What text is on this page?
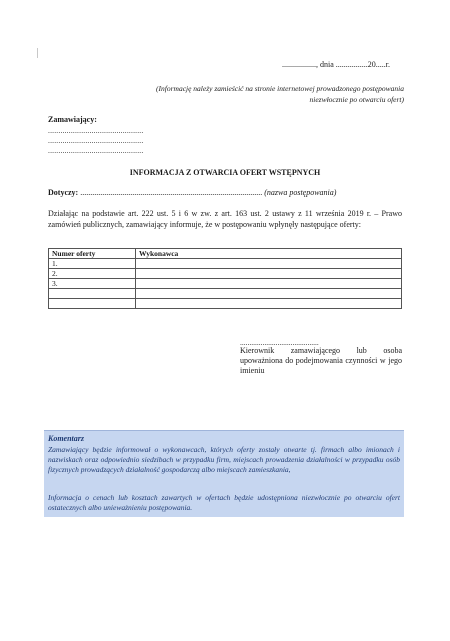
................., dnia ................20.....r.
(Informację należy zamieścić na stronie internetowej prowadzonego postępowania
niezwłocznie po otwarciu ofert)
Zamawiający:
..............................................
..............................................
..............................................
INFORMACJA Z OTWARCIA OFERT WSTĘPNYCH
Dotyczy: ........................................................................................... (nazwa postępowania)
Działając na podstawie art. 222 ust. 5 i 6 w zw. z art. 163 ust. 2 ustawy z 11 września 2019 r. – Prawo zamówień publicznych, zamawiający informuje, że w postępowaniu wpłynęły następujące oferty:
Numer oferty	Wykonawca
1.	
2.	
3.	

..........................................
Kierownik zamawiającego lub osoba upoważniona do podejmowania czynności w jego imieniu
Komentarz
Zamawiający będzie informował o wykonawcach, których oferty zostały otwarte tj. firmach albo imionach i nazwiskach oraz odpowiednio siedzibach w przypadku firm, miejscach prowadzenia działalności w przypadku osób fizycznych prowadzących działalność gospodarczą albo miejscach zamieszkania,
Informacja o cenach lub kosztach zawartych w ofertach będzie udostępniona niezwłocznie po otwarciu ofert ostatecznych albo unieważnieniu postępowania.
